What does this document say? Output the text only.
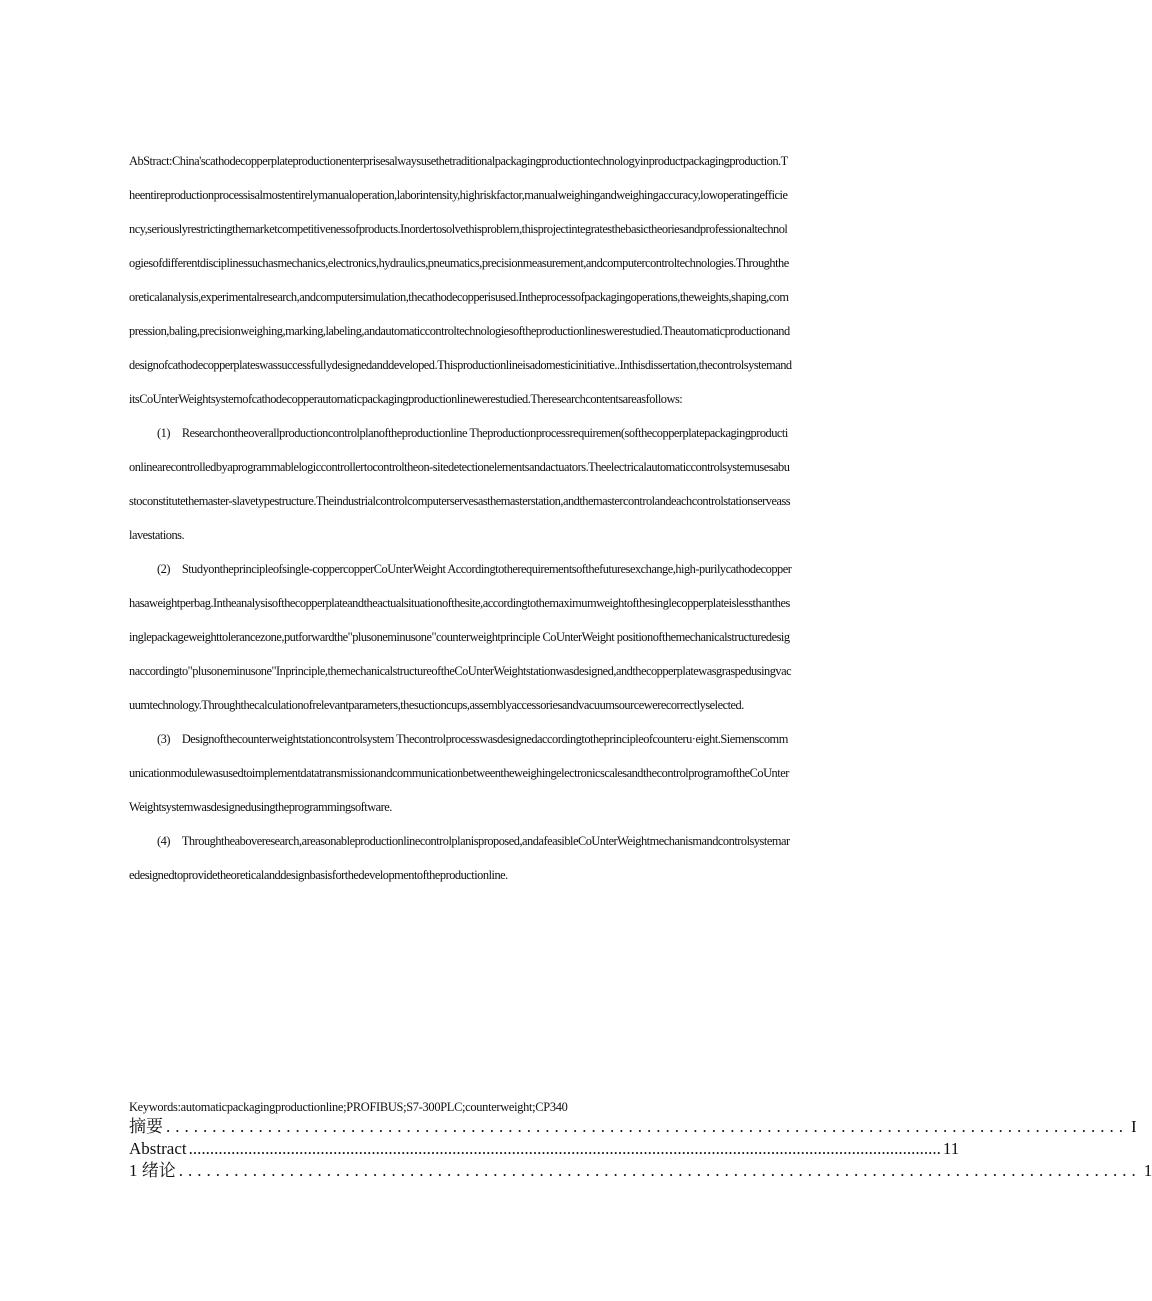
AbStract:China'scathodecopperplateproductionenterprisesalwaysusethetraditionalpackagingproductiontechnologyinproductpackagingproduction.Theentireproductionprocessisalmostentirelymanualoperation,laborintensity,highriskfactor,manualweighingandweighingaccuracy,lowoperatingefficiency,seriouslyrestrictingthemarketcompetitivenessofproducts.Inordertosolvethisproblem,thisprojectintegratesthebasictheoriesandprofessionaltechnologiesofdifferentdisciplinessuchasmechanics,electronics,hydraulics,pneumatics,precisionmeasurement,andcomputercontroltechnologies.Throughtheoreticalanalysis,experimentalresearch,andcomputersimulation,thecathodecopperisused.Intheprocessofpackagingoperations,theweights,shaping,compression,baling,precisionweighing,marking,labeling,andautomaticcontroltechnologiesoftheproductionlineswerestudied.Theautomaticproductionanddesignofcathodecopperplateswassuccessfullydesignedanddeveloped.Thisproductionlineisadomesticinitiative..Inthisdissertation,thecontrolsystemanditsCoUnterWeightsystemofcathodecopperautomaticpackagingproductionlinewerestudied.Theresearchcontentsareasfollows:

(1) Researchontheoverallproductioncontrolplanoftheproductionline Theproductionprocessrequiremen(softhecopperplatepackagingproductionlinearecontrolledbyaprogrammablelogiccontrollertocontroltheon-sitedetectionelementsandactuators.Theelectricalautomaticcontrolsystemusesabustoconstitutethemaster-slavetypestructure.Theindustrialcontrolcomputerservesasthemasterstation,andthemastercontrolandeachcontrolstationserveasslavestations.

(2) Studyontheprincipleofsingle-coppercopperCoUnterWeight Accordingtotherequirementsofthefuturesexchange,high-purilycathodecopperhasaweightperbag.Intheanalysisofthecopperplateandtheactualsituationofthesite,accordingtothemaximumweightofthesinglecopperplateislessthanthesinglepackageweighttolerancezone,putforwardthe"plusoneminusone"counterweightprinciple CoUnterWeight positionofthemechanicalstructuredesignaccordingto"plusoneminusone"Inprinciple,themechanicalstructureoftheCoUnterWeightstationwasdesigned,andthecopperplatewasgraspedusingvacuumtechnology.Throughthecalculationofrelevantparameters,thesuctioncups,assemblyaccessoriesandvacuumsourcewerecorrectlyselected.

(3) Designofthecounterweightstationcontrolsystem Thecontrolprocesswasdesignedaccordingtotheprincipleofcounteru·eight.SiemenscommunicationmodulewasusedtoimplementdatatransmissionandcommunicationbetweentheweighingelectronicscalesandthecontrolprogramoftheCoUnterWeightsystemwasdesignedusingtheprogrammingsoftware.

(4) Throughtheaboveresearch,areasonableproductionlinecontrolplanisproposed,andafeasibleCoUnterWeightmechanismandcontrolsystemaredesignedtoprovidetheoreticalanddesignbasisforthedevelopmentoftheproductionline.

Keywords:automaticpackagingproductionline;PROFIBUS;S7-300PLC;counterweight;CP340
摘要 ........................................................................................................ I
Abstract ................................................................................................................................................................................. 11
1 绪论 ........................................................................................................ 1
